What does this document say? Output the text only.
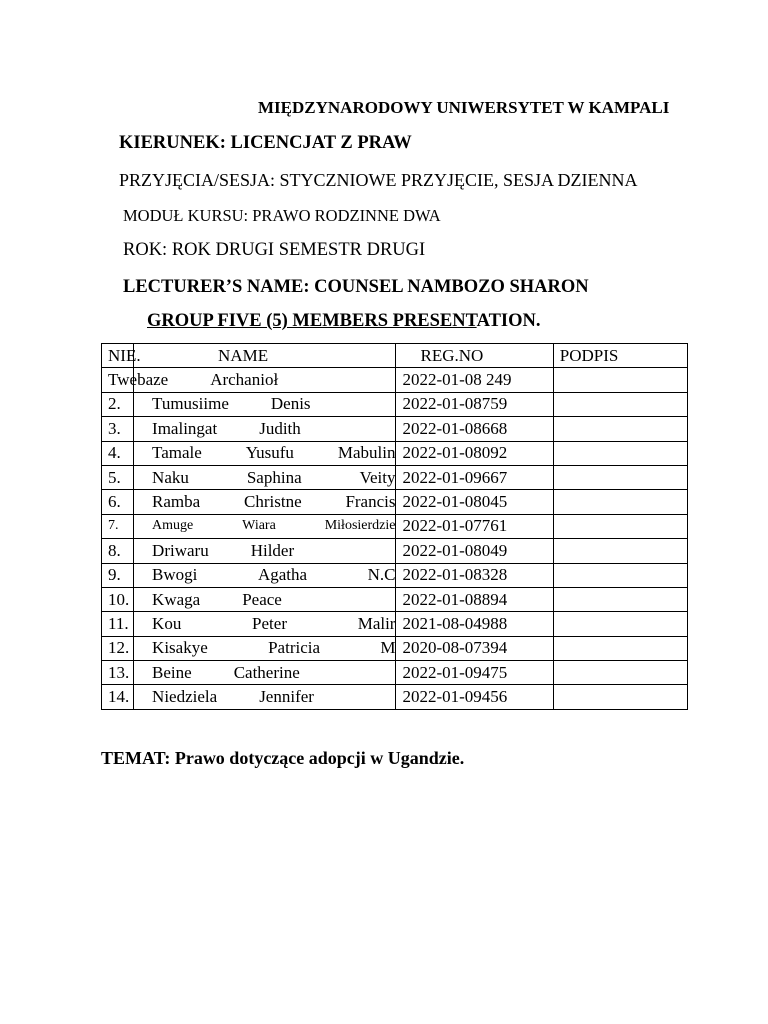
MIĘDZYNARODOWY UNIWERSYTET W KAMPALI

KIERUNEK: LICENCJAT Z PRAW

PRZYJĘCIA/SESJA: STYCZNIOWE PRZYJĘCIE, SESJA DZIENNA

MODUŁ KURSU: PRAWO RODZINNE DWA

ROK: ROK DRUGI SEMESTR DRUGI

LECTURER’S NAME: COUNSEL NAMBOZO SHARON

GROUP FIVE (5) MEMBERS PRESENTATION.

NIE.	NAME	REG.NO	PODPIS

	Twebaze Archanioł	2022-01-08 249	
2.	Tumusiime Denis	2022-01-08759	
3.	Imalingat Judith	2022-01-08668	
4.	Tamale Yusufu Mabulin	2022-01-08092	
5.	Naku Saphina Veity	2022-01-09667	
6.	Ramba Christne Francis	2022-01-08045	
7.	Amuge Wiara Miłosierdzie	2022-01-07761	
8.	Driwaru Hilder	2022-01-08049	
9.	Bwogi Agatha N.C	2022-01-08328	
10.	Kwaga Peace	2022-01-08894	
11.	Kou Peter Malir	2021-08-04988	
12.	Kisakye Patricia M	2020-08-07394	
13.	Beine Catherine	2022-01-09475	
14.	Niedziela Jennifer	2022-01-09456	

TEMAT: Prawo dotyczące adopcji w Ugandzie.
